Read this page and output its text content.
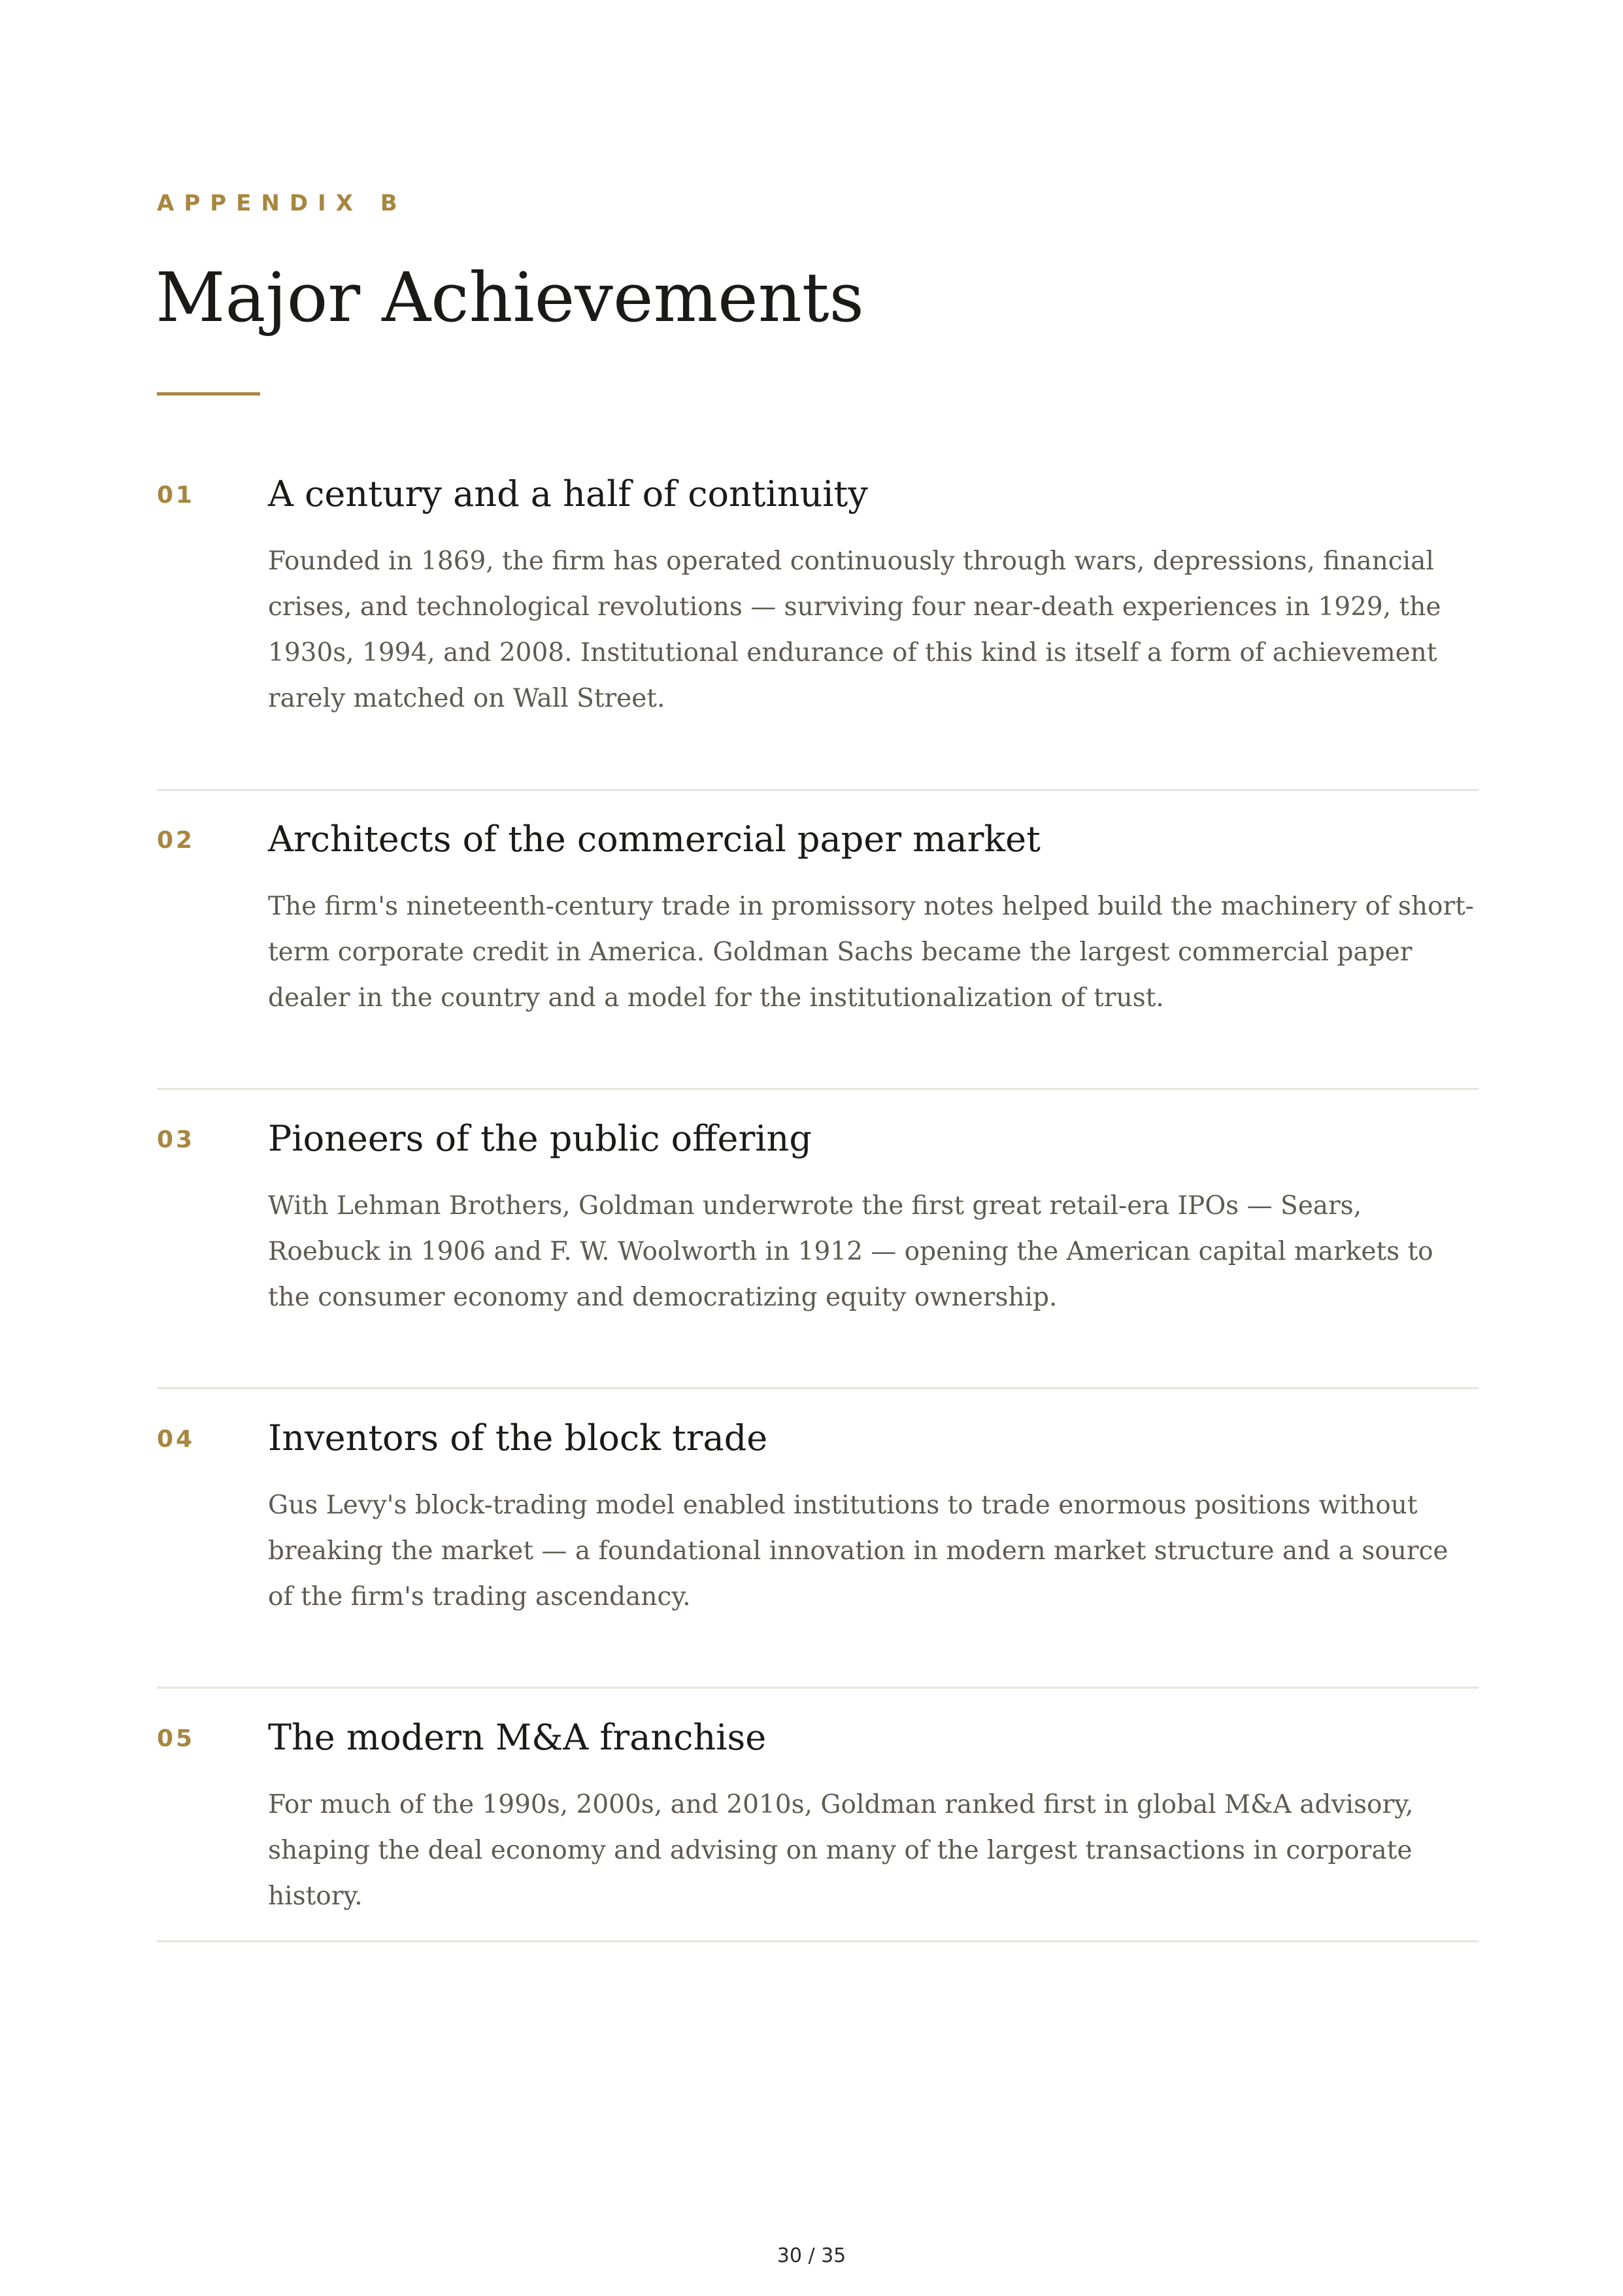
APPENDIX B
Major Achievements
01 A century and a half of continuity

Founded in 1869, the firm has operated continuously through wars, depressions, financial crises, and technological revolutions — surviving four near-death experiences in 1929, the 1930s, 1994, and 2008. Institutional endurance of this kind is itself a form of achievement rarely matched on Wall Street.

02 Architects of the commercial paper market

The firm's nineteenth-century trade in promissory notes helped build the machinery of short-term corporate credit in America. Goldman Sachs became the largest commercial paper dealer in the country and a model for the institutionalization of trust.

03 Pioneers of the public offering

With Lehman Brothers, Goldman underwrote the first great retail-era IPOs — Sears, Roebuck in 1906 and F. W. Woolworth in 1912 — opening the American capital markets to the consumer economy and democratizing equity ownership.

04 Inventors of the block trade

Gus Levy's block-trading model enabled institutions to trade enormous positions without breaking the market — a foundational innovation in modern market structure and a source of the firm's trading ascendancy.

05 The modern M&A franchise

For much of the 1990s, 2000s, and 2010s, Goldman ranked first in global M&A advisory, shaping the deal economy and advising on many of the largest transactions in corporate history.

30 / 35
